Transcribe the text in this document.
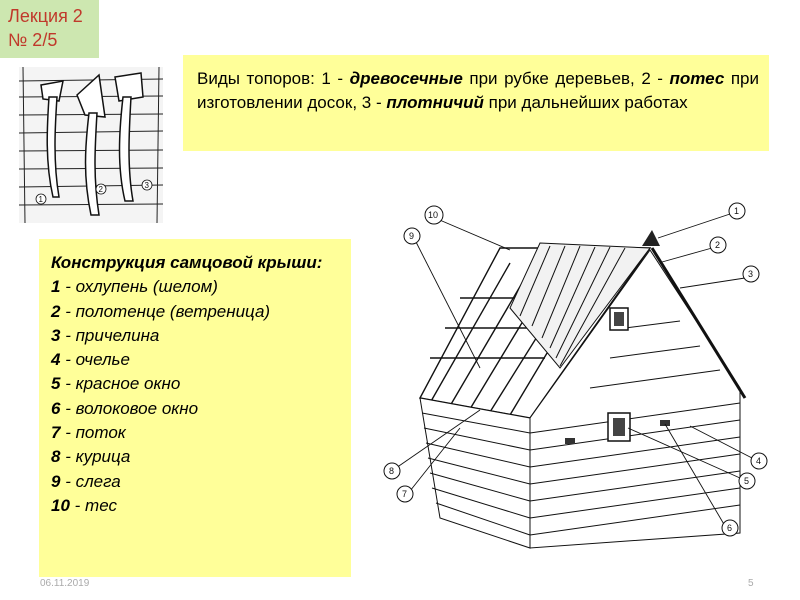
Лекция 2
№ 2/5
1
2	3
Виды топоров: 1 - древосечные при рубке деревьев, 2 - потес при изготовлении досок, 3 - плотничий при дальнейших работах
Конструкция самцовой крыши:
1 - охлупень (шелом)
2 - полотенце (ветреница)
3 - причелина
4 - очелье
5 - красное окно
6 - волоковое окно
7 - поток
8 - курица
9 - слега
10 - тес
1
2
3
4
5
6
7
8
9
10
06.11.2019	5
